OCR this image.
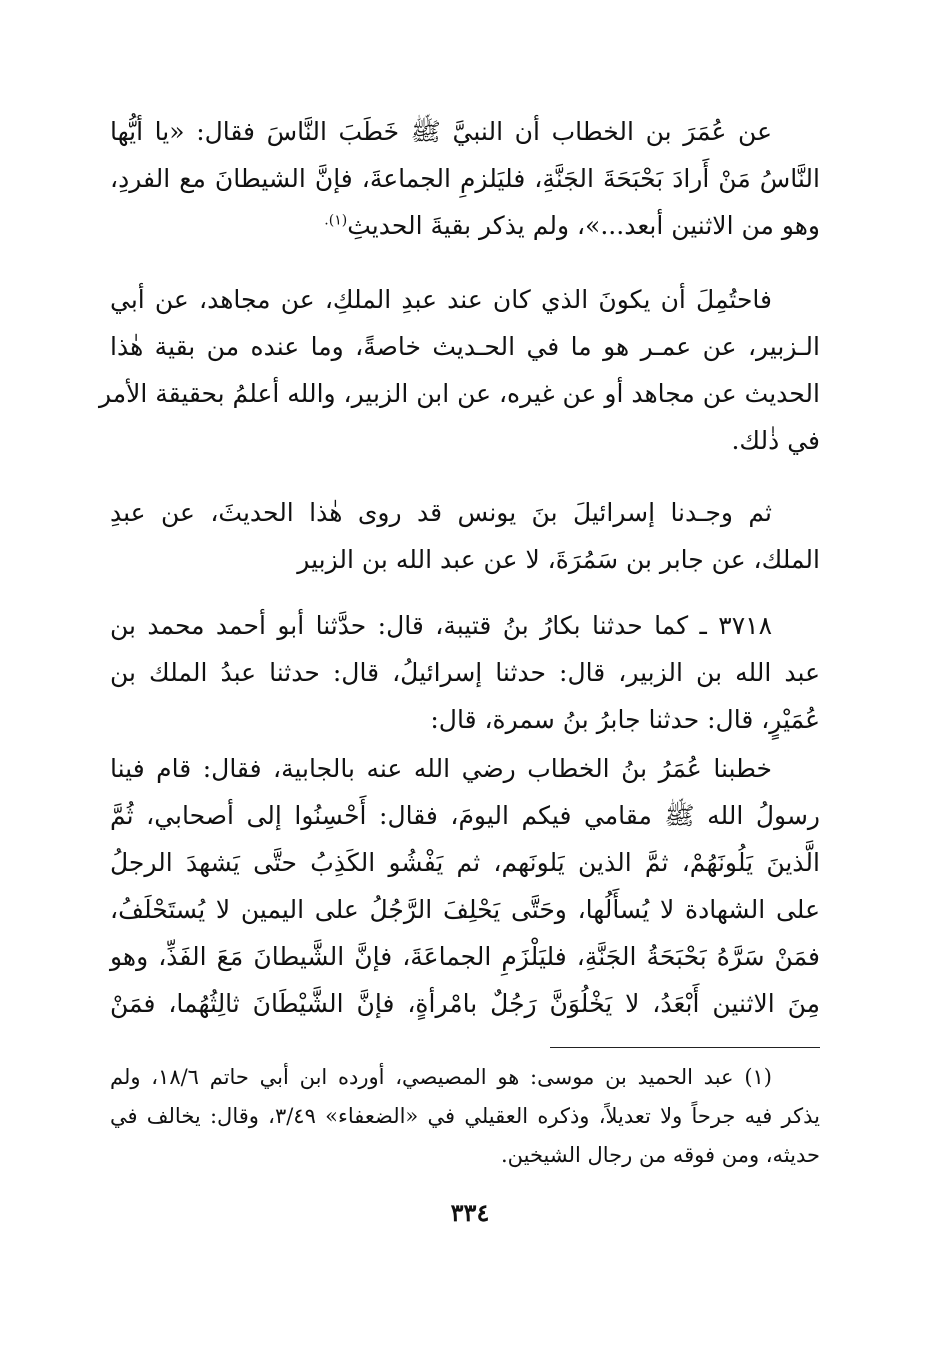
عن عُمَرَ بن الخطاب أن النبيَّ ﷺ خَطَبَ النَّاسَ فقال: «يا أيُّها
النَّاسُ مَنْ أَرادَ بَحْبَحَةَ الجَنَّةِ، فليَلزمِ الجماعةَ، فإنَّ الشيطانَ مع الفردِ،
وهو من الاثنين أبعد...»، ولم يذكر بقيةَ الحديثِ$^{(١).}$

فاحتُمِلَ أن يكونَ الذي كان عند عبدِ الملكِ، عن مجاهد، عن أبي
الـزبير، عن عمـر هو ما في الحـديث خاصةً، وما عنده من بقية هٰذا
الحديث عن مجاهد أو عن غيره، عن ابن الزبير، والله أعلمُ بحقيقة الأمر
في ذٰلك.

ثم وجـدنا إسرائيلَ بنَ يونس قد روى هٰذا الحديثَ، عن عبدِ
الملك، عن جابر بن سَمُرَةَ، لا عن عبد الله بن الزبير

٣٧١٨ ـ كما حدثنا بكارُ بنُ قتيبة، قال: حدَّثنا أبو أحمد محمد بن
عبد الله بن الزبير، قال: حدثنا إسرائيلُ، قال: حدثنا عبدُ الملك بن
عُمَيْرٍ، قال: حدثنا جابرُ بنُ سمرة، قال:

خطبنا عُمَرُ بنُ الخطاب رضي الله عنه بالجابية، فقال: قام فينا
رسولُ الله ﷺ مقامي فيكم اليومَ، فقال: أَحْسِنُوا إلى أصحابي، ثُمَّ
الَّذينَ يَلُونَهُمْ، ثمَّ الذين يَلونَهم، ثم يَفْشُو الكَذِبُ حتَّى يَشهدَ الرجلُ
على الشهادة لا يُسأَلُها، وحَتَّى يَحْلِفَ الرَّجُلُ على اليمين لا يُستَحْلَفُ،
فمَنْ سَرَّهُ بَحْبَحَةُ الجَنَّةِ، فليَلْزَمِ الجماعَةَ، فإنَّ الشَّيطانَ مَعَ الفَذِّ، وهو
مِنَ الاثنين أَبْعَدُ، لا يَخْلُوَنَّ رَجُلٌ بامْرأةٍ، فإنَّ الشَّيْطَانَ ثالِثُهُما، فمَنْ

(١) عبد الحميد بن موسى: هو المصيصي، أورده ابن أبي حاتم ١٨/٦، ولم
يذكر فيه جرحاً ولا تعديلاً، وذكره العقيلي في «الضعفاء» ٣/٤٩، وقال: يخالف في
حديثه، ومن فوقه من رجال الشيخين.

٣٣٤
